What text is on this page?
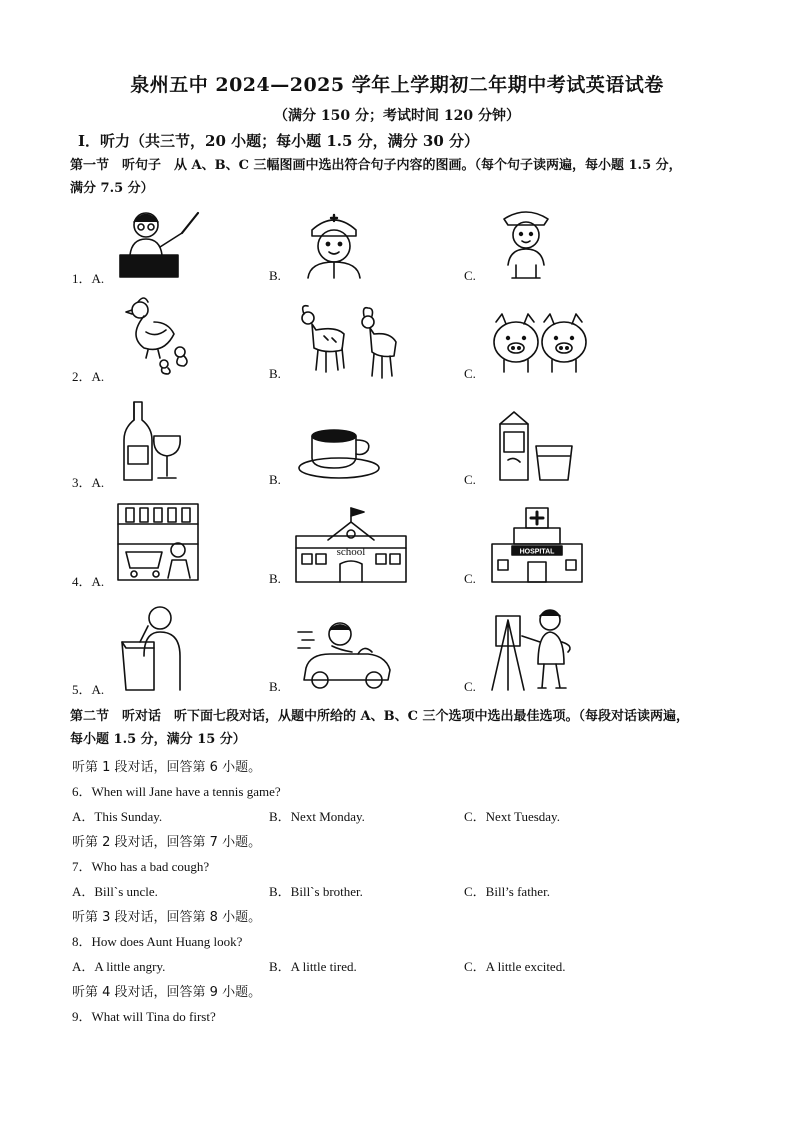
泉州五中 2024—2025 学年上学期初二年期中考试英语试卷
（满分 150 分；考试时间 120 分钟）
Ⅰ．听力（共三节，20 小题；每小题 1.5 分，满分 30 分）
第一节　听句子　从 A、B、C 三幅图画中选出符合句子内容的图画。（每个句子读两遍，每小题 1.5 分，
满分 7.5 分）
1．A.	B.	C.
2．A.	B.	C.
3．A.	B.	C.
4．A.	B.	C.
5．A.	B.	C.
school	HOSPITAL
第二节　听对话　听下面七段对话，从题中所给的 A、B、C 三个选项中选出最佳选项。（每段对话读两遍，
每小题 1.5 分，满分 15 分）
听第 1 段对话，回答第 6 小题。
6．When will Jane have a tennis game?
A．This Sunday.	B．Next Monday.	C．Next Tuesday.
听第 2 段对话，回答第 7 小题。
7．Who has a bad cough?
A．Bill`s uncle.	B．Bill`s brother.	C．Bill’s father.
听第 3 段对话，回答第 8 小题。
8．How does Aunt Huang look?
A．A little angry.	B．A little tired.	C．A little excited.
听第 4 段对话，回答第 9 小题。
9．What will Tina do first?
